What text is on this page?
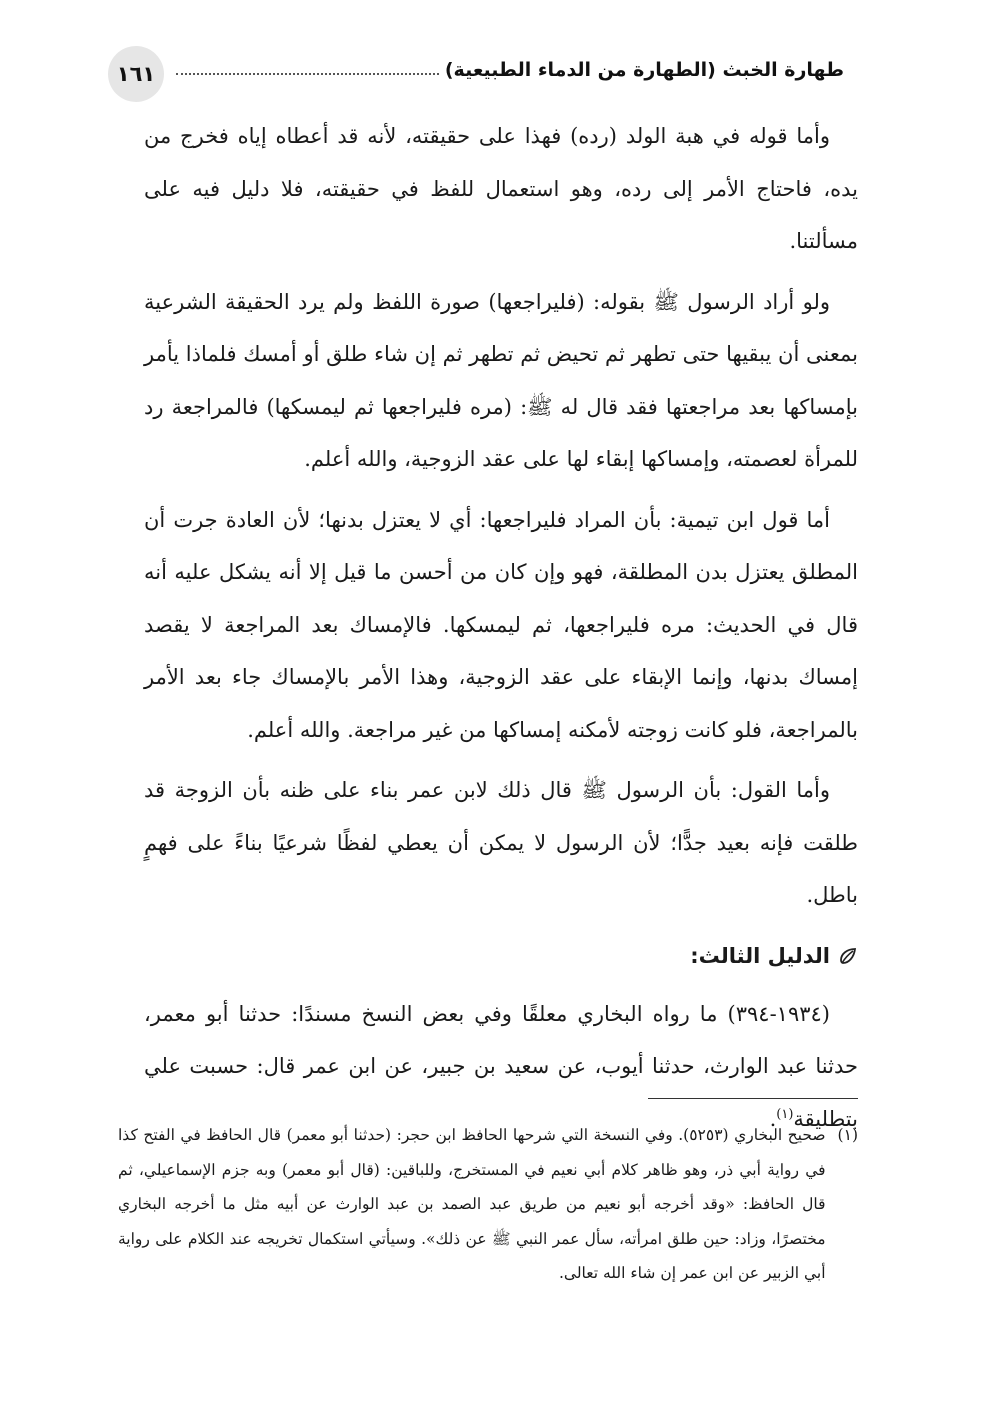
١٦١	طهارة الخبث (الطهارة من الدماء الطبيعية)

وأما قوله في هبة الولد (رده) فهذا على حقيقته، لأنه قد أعطاه إياه فخرج من يده، فاحتاج الأمر إلى رده، وهو استعمال للفظ في حقيقته، فلا دليل فيه على مسألتنا.

ولو أراد الرسول ﷺ بقوله: (فليراجعها) صورة اللفظ ولم يرد الحقيقة الشرعية بمعنى أن يبقيها حتى تطهر ثم تحيض ثم تطهر ثم إن شاء طلق أو أمسك فلماذا يأمر بإمساكها بعد مراجعتها فقد قال له ﷺ: (مره فليراجعها ثم ليمسكها) فالمراجعة رد للمرأة لعصمته، وإمساكها إبقاء لها على عقد الزوجية، والله أعلم.

أما قول ابن تيمية: بأن المراد فليراجعها: أي لا يعتزل بدنها؛ لأن العادة جرت أن المطلق يعتزل بدن المطلقة، فهو وإن كان من أحسن ما قيل إلا أنه يشكل عليه أنه قال في الحديث: مره فليراجعها، ثم ليمسكها. فالإمساك بعد المراجعة لا يقصد إمساك بدنها، وإنما الإبقاء على عقد الزوجية، وهذا الأمر بالإمساك جاء بعد الأمر بالمراجعة، فلو كانت زوجته لأمكنه إمساكها من غير مراجعة. والله أعلم.

وأما القول: بأن الرسول ﷺ قال ذلك لابن عمر بناء على ظنه بأن الزوجة قد طلقت فإنه بعيد جدًّا؛ لأن الرسول لا يمكن أن يعطي لفظًا شرعيًا بناءً على فهمٍ باطل.

الدليل الثالث:

(١٩٣٤-٣٩٤) ما رواه البخاري معلقًا وفي بعض النسخ مسندًا: حدثنا أبو معمر، حدثنا عبد الوارث، حدثنا أيوب، عن سعيد بن جبير، عن ابن عمر قال: حسبت علي بتطليقة$^{(١)}$.

(١)
صحيح البخاري (٥٢٥٣). وفي النسخة التي شرحها الحافظ ابن حجر: (حدثنا أبو معمر) قال الحافظ في الفتح كذا في رواية أبي ذر، وهو ظاهر كلام أبي نعيم في المستخرج، وللباقين: (قال أبو معمر) وبه جزم الإسماعيلي، ثم قال الحافظ: «وقد أخرجه أبو نعيم من طريق عبد الصمد بن عبد الوارث عن أبيه مثل ما أخرجه البخاري مختصرًا، وزاد: حين طلق امرأته، سأل عمر النبي ﷺ عن ذلك». وسيأتي استكمال تخريجه عند الكلام على رواية أبي الزبير عن ابن عمر إن شاء الله تعالى.
